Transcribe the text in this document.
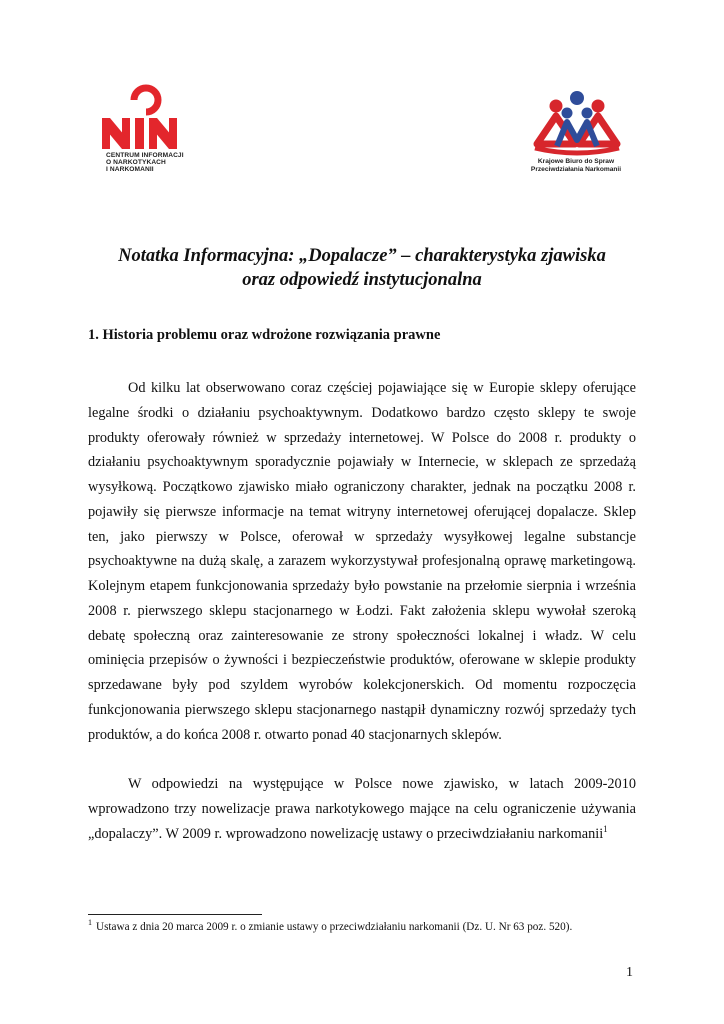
CENTRUM INFORMACJI
O NARKOTYKACH
I NARKOMANII
Krajowe Biuro do Spraw
Przeciwdziałania Narkomanii
Notatka Informacyjna: „Dopalacze” – charakterystyka zjawiska
oraz odpowiedź instytucjonalna
1. Historia problemu oraz wdrożone rozwiązania prawne
Od kilku lat obserwowano coraz częściej pojawiające się w Europie sklepy oferujące legalne środki o działaniu psychoaktywnym. Dodatkowo bardzo często sklepy te swoje produkty oferowały również w sprzedaży internetowej. W Polsce do 2008 r. produkty o działaniu psychoaktywnym sporadycznie pojawiały w Internecie, w sklepach ze sprzedażą wysyłkową. Początkowo zjawisko miało ograniczony charakter, jednak na początku 2008 r. pojawiły się pierwsze informacje na temat witryny internetowej oferującej dopalacze. Sklep ten, jako pierwszy w Polsce, oferował w sprzedaży wysyłkowej legalne substancje psychoaktywne na dużą skalę, a zarazem wykorzystywał profesjonalną oprawę marketingową. Kolejnym etapem funkcjonowania sprzedaży było powstanie na przełomie sierpnia i września 2008 r. pierwszego sklepu stacjonarnego w Łodzi. Fakt założenia sklepu wywołał szeroką debatę społeczną oraz zainteresowanie ze strony społeczności lokalnej i władz. W celu ominięcia przepisów o żywności i bezpieczeństwie produktów, oferowane w sklepie produkty sprzedawane były pod szyldem wyrobów kolekcjonerskich. Od momentu rozpoczęcia funkcjonowania pierwszego sklepu stacjonarnego nastąpił dynamiczny rozwój sprzedaży tych produktów, a do końca 2008 r. otwarto ponad 40 stacjonarnych sklepów.
W odpowiedzi na występujące w Polsce nowe zjawisko, w latach 2009-2010 wprowadzono trzy nowelizacje prawa narkotykowego mające na celu ograniczenie używania „dopalaczy”. W 2009 r. wprowadzono nowelizację ustawy o przeciwdziałaniu narkomanii$^1$
$^1$ Ustawa z dnia 20 marca 2009 r. o zmianie ustawy o przeciwdziałaniu narkomanii (Dz. U. Nr 63 poz. 520).
1
